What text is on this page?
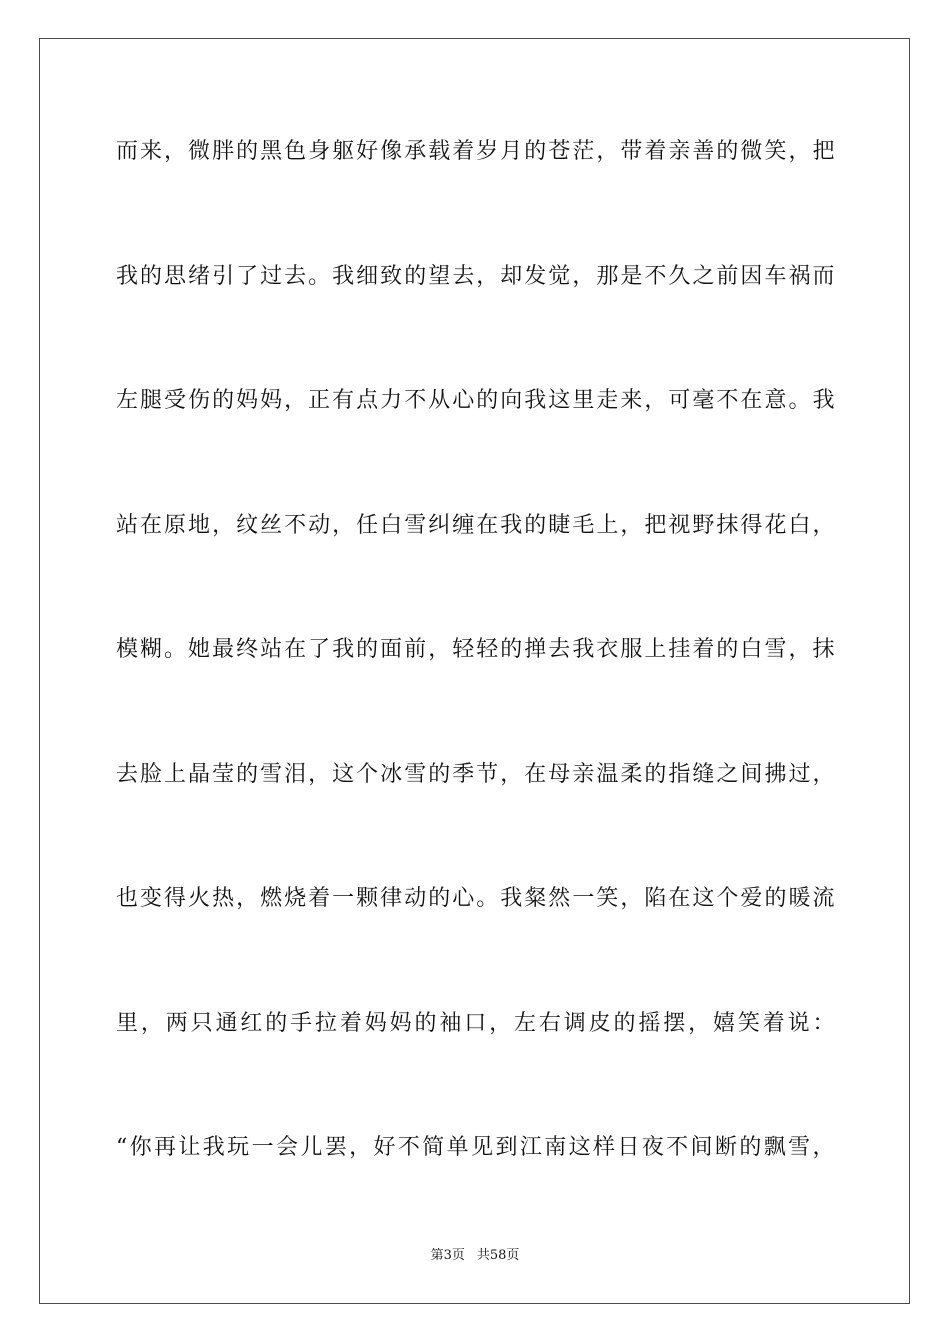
而来，微胖的黑色身躯好像承载着岁月的苍茫，带着亲善的微笑，把
我的思绪引了过去。我细致的望去，却发觉，那是不久之前因车祸而
左腿受伤的妈妈，正有点力不从心的向我这里走来，可毫不在意。我
站在原地，纹丝不动，任白雪纠缠在我的睫毛上，把视野抹得花白，
模糊。她最终站在了我的面前，轻轻的掸去我衣服上挂着的白雪，抹
去脸上晶莹的雪泪，这个冰雪的季节，在母亲温柔的指缝之间拂过，
也变得火热，燃烧着一颗律动的心。我粲然一笑，陷在这个爱的暖流
里，两只通红的手拉着妈妈的袖口，左右调皮的摇摆，嬉笑着说：
“你再让我玩一会儿罢，好不简单见到江南这样日夜不间断的飘雪，
第3页 共58页
